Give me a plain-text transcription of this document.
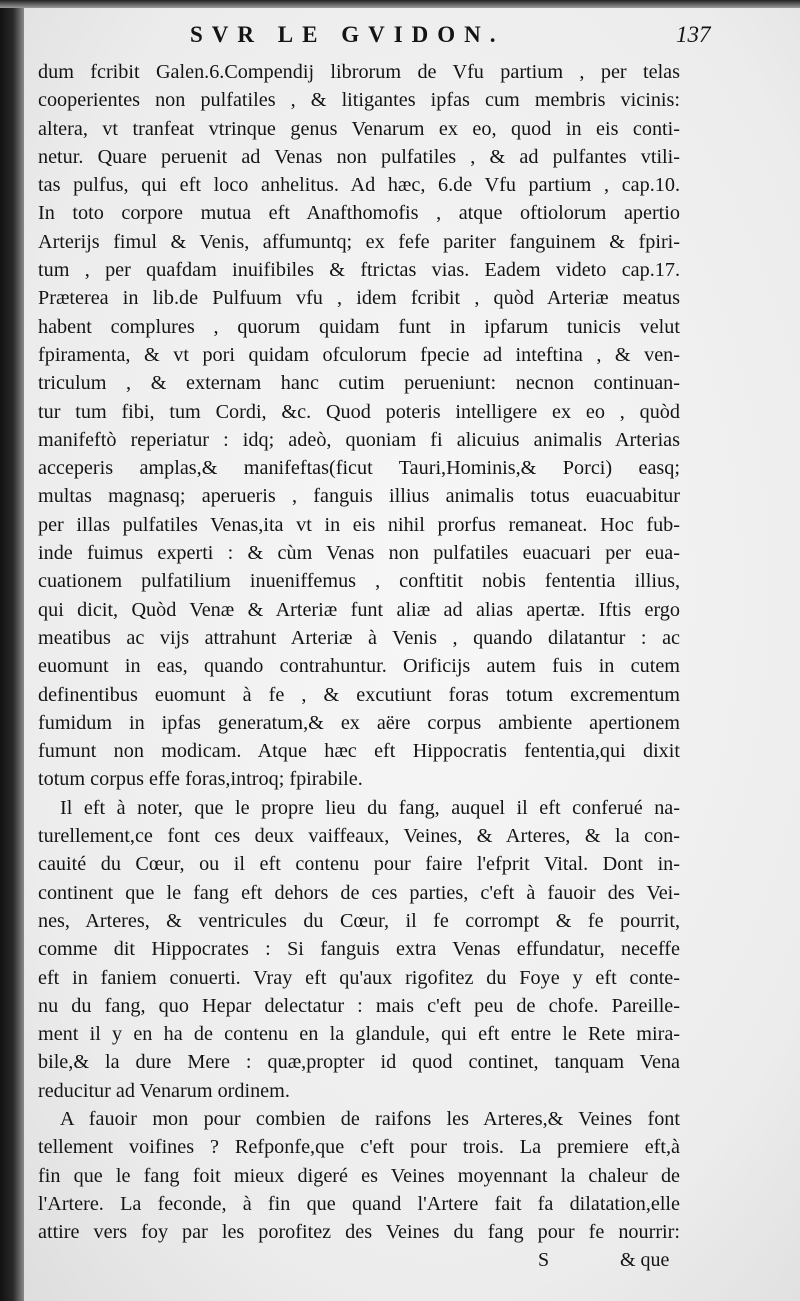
SVR LE GVIDON.	137
dum fcribit Galen.6.Compendij librorum de Vfu partium , per telas
cooperientes non pulfatiles , & litigantes ipfas cum membris vicinis:
altera, vt tranfeat vtrinque genus Venarum ex eo, quod in eis conti-
netur. Quare peruenit ad Venas non pulfatiles , & ad pulfantes vtili-
tas pulfus, qui eft loco anhelitus. Ad hæc, 6.de Vfu partium , cap.10.
In toto corpore mutua eft Anafthomofis , atque oftiolorum apertio
Arterijs fimul & Venis, affumuntq; ex fefe pariter fanguinem & fpiri-
tum , per quafdam inuifibiles & ftrictas vias. Eadem videto cap.17.
Præterea in lib.de Pulfuum vfu , idem fcribit , quòd Arteriæ meatus
habent complures , quorum quidam funt in ipfarum tunicis velut
fpiramenta, & vt pori quidam ofculorum fpecie ad inteftina , & ven-
triculum , & externam hanc cutim perueniunt: necnon continuan-
tur tum fibi, tum Cordi, &c. Quod poteris intelligere ex eo , quòd
manifeftò reperiatur : idq; adeò, quoniam fi alicuius animalis Arterias
acceperis amplas,& manifeftas(ficut Tauri,Hominis,& Porci) easq;
multas magnasq; aperueris , fanguis illius animalis totus euacuabitur
per illas pulfatiles Venas,ita vt in eis nihil prorfus remaneat. Hoc fub-
inde fuimus experti : & cùm Venas non pulfatiles euacuari per eua-
cuationem pulfatilium inueniffemus , conftitit nobis fententia illius,
qui dicit, Quòd Venæ & Arteriæ funt aliæ ad alias apertæ. Iftis ergo
meatibus ac vijs attrahunt Arteriæ à Venis , quando dilatantur : ac
euomunt in eas, quando contrahuntur. Orificijs autem fuis in cutem
definentibus euomunt à fe , & excutiunt foras totum excrementum
fumidum in ipfas generatum,& ex aëre corpus ambiente apertionem
fumunt non modicam. Atque hæc eft Hippocratis fententia,qui dixit
totum corpus effe foras,introq; fpirabile.
Il eft à noter, que le propre lieu du fang, auquel il eft conferué na-
turellement,ce font ces deux vaiffeaux, Veines, & Arteres, & la con-
cauité du Cœur, ou il eft contenu pour faire l'efprit Vital. Dont in-
continent que le fang eft dehors de ces parties, c'eft à fauoir des Vei-
nes, Arteres, & ventricules du Cœur, il fe corrompt & fe pourrit,
comme dit Hippocrates : Si fanguis extra Venas effundatur, neceffe
eft in faniem conuerti. Vray eft qu'aux rigofitez du Foye y eft conte-
nu du fang, quo Hepar delectatur : mais c'eft peu de chofe. Pareille-
ment il y en ha de contenu en la glandule, qui eft entre le Rete mira-
bile,& la dure Mere : quæ,propter id quod continet, tanquam Vena
reducitur ad Venarum ordinem.
A fauoir mon pour combien de raifons les Arteres,& Veines font
tellement voifines ? Refponfe,que c'eft pour trois. La premiere eft,à
fin que le fang foit mieux digeré es Veines moyennant la chaleur de
l'Artere. La feconde, à fin que quand l'Artere fait fa dilatation,elle
attire vers foy par les porofitez des Veines du fang pour fe nourrir:
S	& que
